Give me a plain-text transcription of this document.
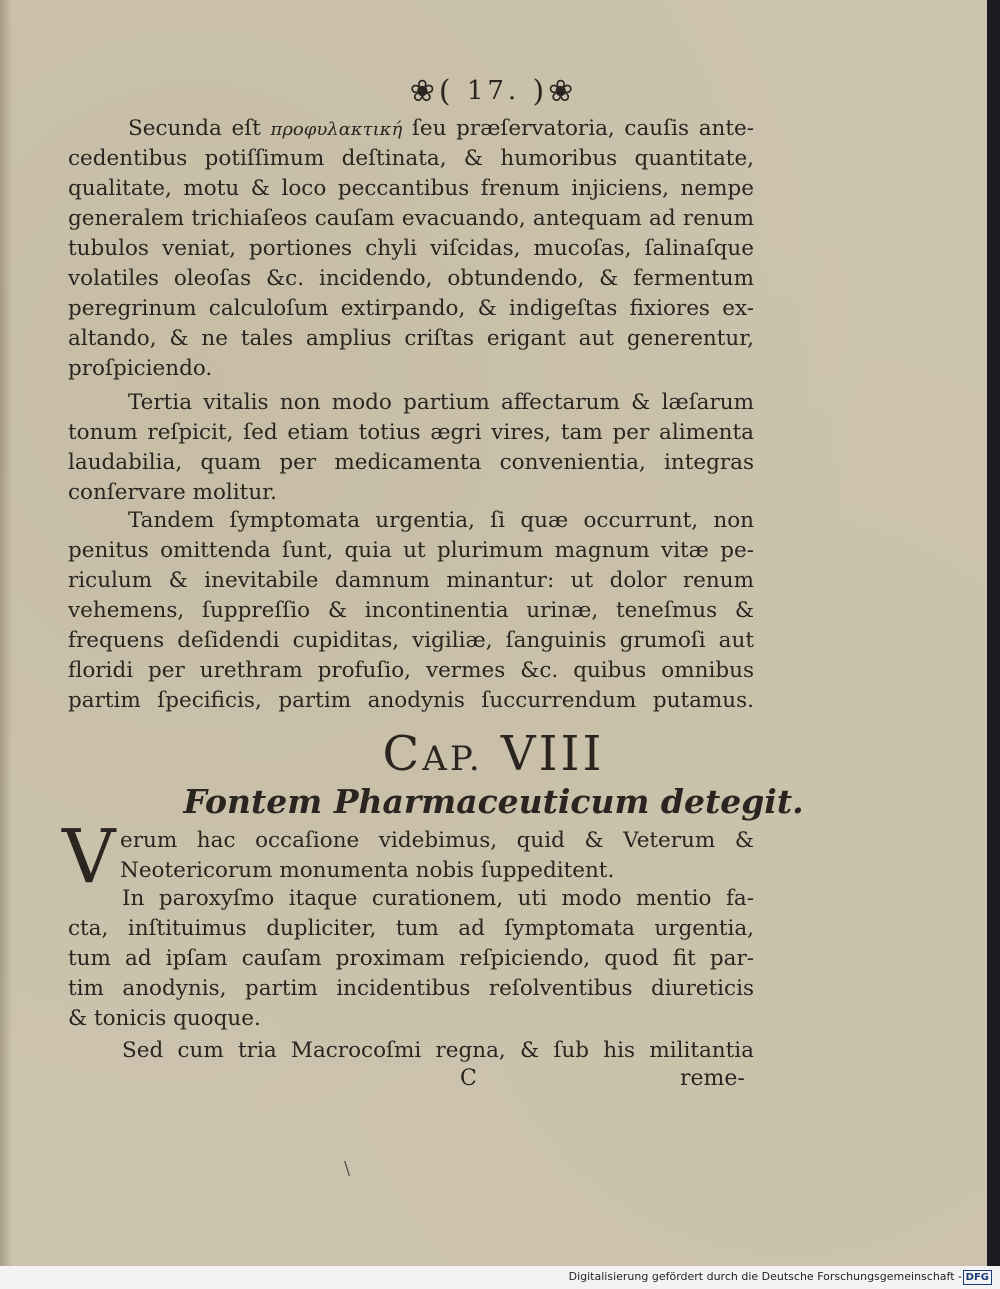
❀( 17. )❀
Secunda eſt προφυλακτική ſeu præſervatoria, cauſis ante-
cedentibus potiſſimum deſtinata, & humoribus quantitate,
qualitate, motu & loco peccantibus frenum injiciens, nempe
generalem trichiaſeos cauſam evacuando, antequam ad renum
tubulos veniat, portiones chyli viſcidas, mucoſas, ſalinaſque
volatiles oleoſas &c. incidendo, obtundendo, & fermentum
peregrinum calculoſum extirpando, & indigeſtas fixiores ex-
altando, & ne tales amplius criſtas erigant aut generentur,
proſpiciendo.
Tertia vitalis non modo partium affectarum & læſarum
tonum reſpicit, ſed etiam totius ægri vires, tam per alimenta
laudabilia, quam per medicamenta convenientia, integras
conſervare molitur.
Tandem ſymptomata urgentia, ſi quæ occurrunt, non
penitus omittenda ſunt, quia ut plurimum magnum vitæ pe-
riculum & inevitabile damnum minantur: ut dolor renum
vehemens, ſuppreſſio & incontinentia urinæ, teneſmus &
frequens deſidendi cupiditas, vigiliæ, ſanguinis grumoſi aut
floridi per urethram profuſio, vermes &c. quibus omnibus
partim ſpecificis, partim anodynis ſuccurrendum putamus.
CAP. VIII
Fontem Pharmaceuticum detegit.
V erum hac occaſione videbimus, quid & Veterum &
Neotericorum monumenta nobis ſuppeditent.
In paroxyſmo itaque curationem, uti modo mentio fa-
cta, inſtituimus dupliciter, tum ad ſymptomata urgentia,
tum ad ipſam cauſam proximam reſpiciendo, quod fit par-
tim anodynis, partim incidentibus reſolventibus diureticis
& tonicis quoque.
Sed cum tria Macrocoſmi regna, & ſub his militantia
C	reme-
\
Digitalisierung gefördert durch die Deutsche Forschungsgemeinschaft - DFG
